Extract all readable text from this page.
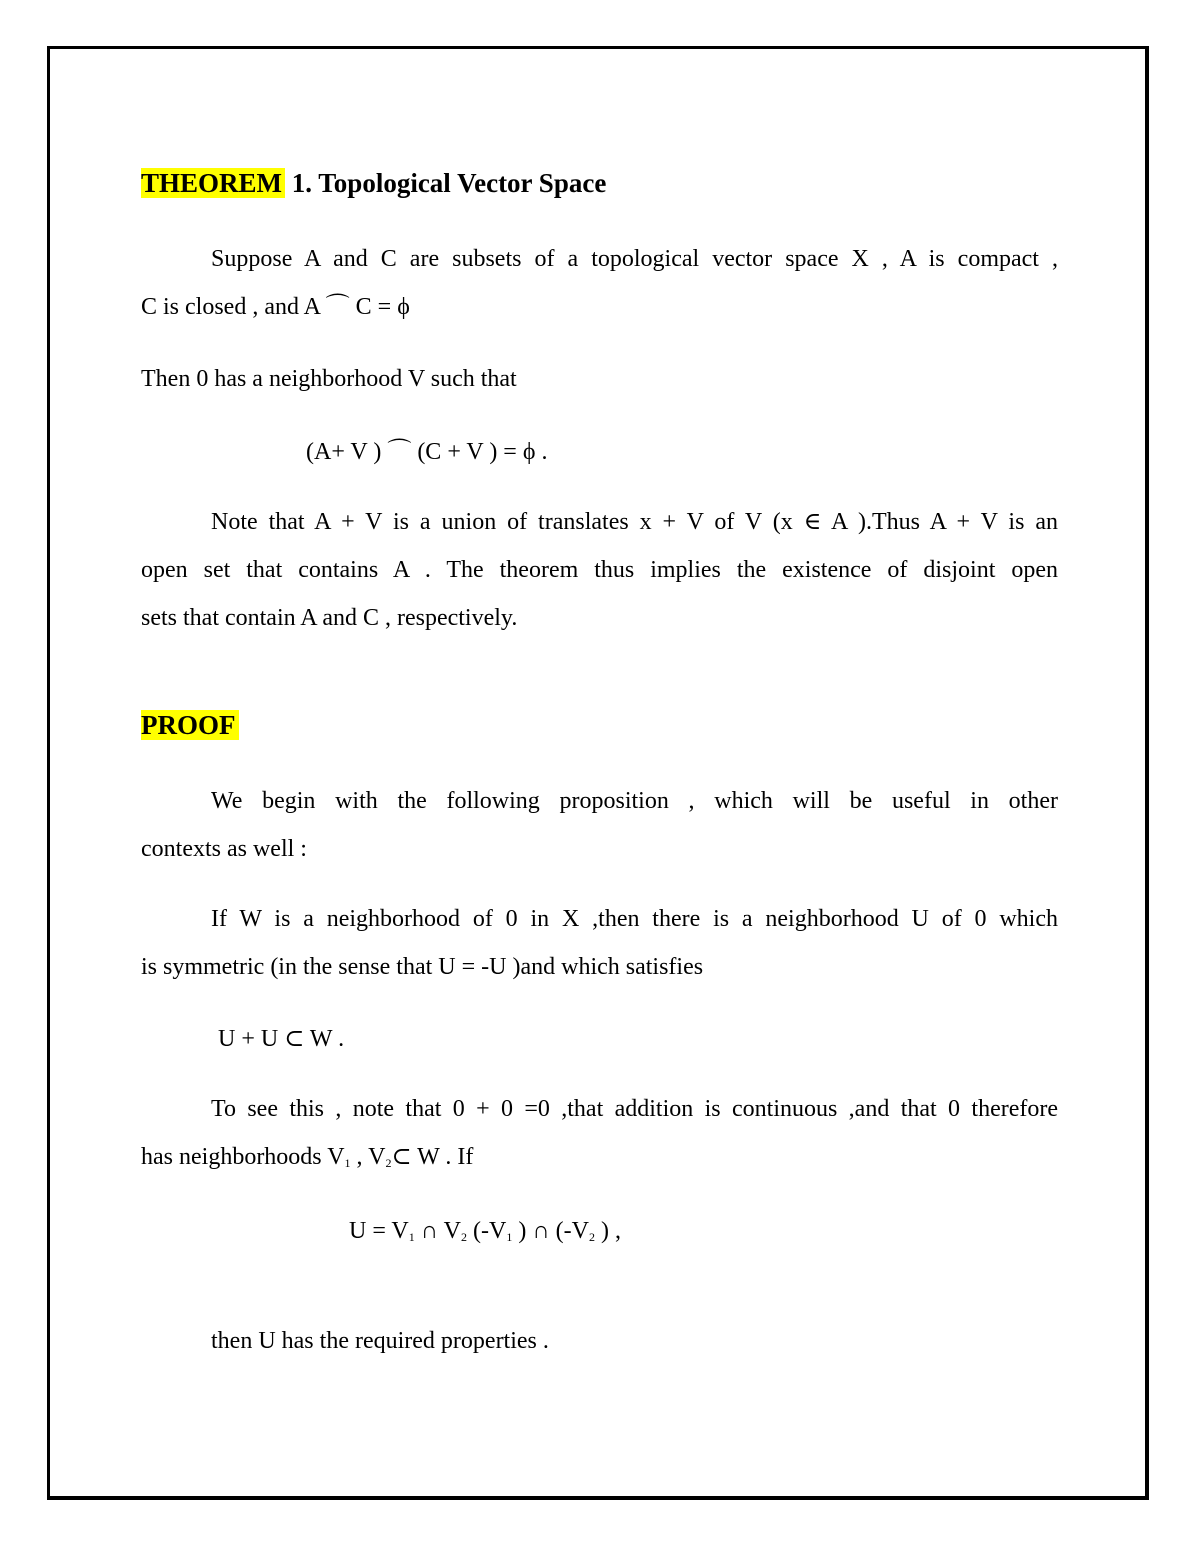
THEOREM 1. Topological Vector Space
Suppose A and C are subsets of a topological vector space X , A is compact ,
C is closed , and A ⌒ C = ϕ
Then 0 has a neighborhood V such that
(A+ V ) ⌒ (C + V ) = ϕ .
Note that A + V is a union of translates x + V of V (x ∈ A ).Thus A + V is an
open set that contains A . The theorem thus implies the existence of disjoint open
sets that contain A and C , respectively.
PROOF
We begin with the following proposition , which will be useful in other
contexts as well :
If W is a neighborhood of 0 in X ,then there is a neighborhood U of 0 which
is symmetric (in the sense that U = -U )and which satisfies
U + U ⊂ W .
To see this , note that 0 + 0 =0 ,that addition is continuous ,and that 0 therefore
has neighborhoods $V_1$ , $V_2\subset$ W . If
$U = V_1$ ∩ $V_2$ ($-V_1$ ) ∩ ($-V_2$ ) ,
then U has the required properties .
